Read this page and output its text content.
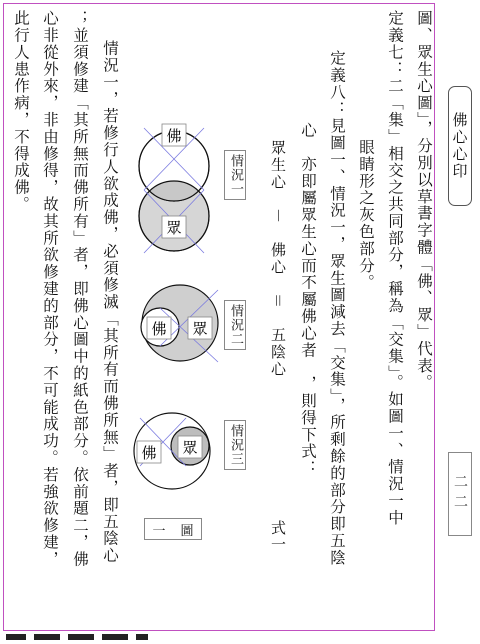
佛心心印
二二
圖、眾生心圖」，分別以草書字體「佛、眾」代表。
定義七：二「集」相交之共同部分，稱為「交集」。如圖一、情況一中
　眼睛形之灰色部分。
定義八：見圖一、情況一，眾生圖減去「交集」，所剩餘的部分即五陰
心　亦即屬眾生心而不屬佛心者　，則得下式：
眾生心　－　佛心　＝　五陰心
式一
佛
眾
佛 眾
佛 眾
情況一
情況二
情況三
一 圖
情況一，若修行人欲成佛，必須修滅「其所有而佛所無」者，即五陰心
；並須修建「其所無而佛所有」者，即佛心圖中的紙色部分。依前題二，佛
心非從外來，非由修得，故其所欲修建的部分，不可能成功。若強欲修建，
此行人患作病，不得成佛。
